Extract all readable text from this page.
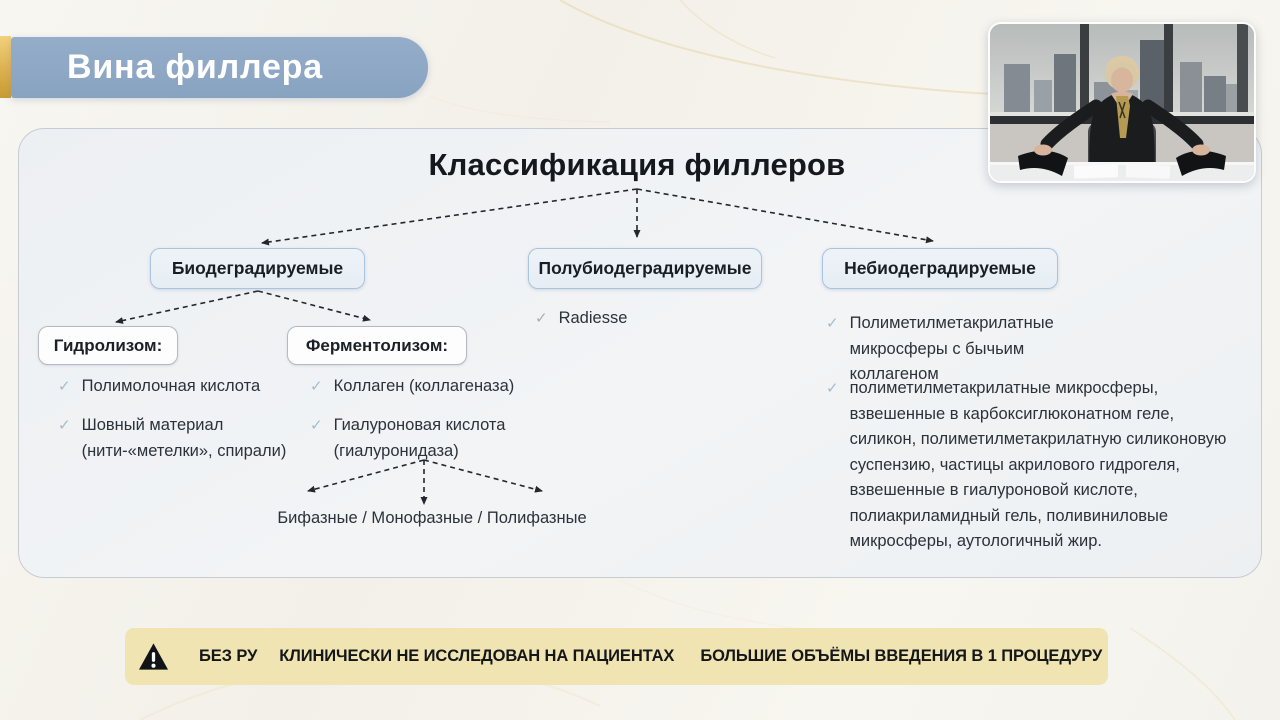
Вина филлера
Классификация филлеров
Биодеградируемые	Полубиодеградируемые	Небиодеградируемые
Гидролизом:	Ферментолизом:
✓ Полимолочная кислота
✓ Шовный материал (нити-«метелки», спирали)
✓ Коллаген (коллагеназа)
✓ Гиалуроновая кислота (гиалуронидаза)
Бифазные / Монофазные / Полифазные
✓ Radiesse	✓ Полиметилметакрилатные микросферы с бычьим коллагеном
✓ полиметилметакрилатные микросферы, взвешенные в карбоксиглюконатном геле, силикон, полиметилметакрилатную силиконовую суспензию, частицы акрилового гидрогеля, взвешенные в гиалуроновой кислоте, полиакриламидный гель, поливиниловые микросферы, аутологичный жир.
БЕЗ РУ КЛИНИЧЕСКИ НЕ ИССЛЕДОВАН НА ПАЦИЕНТАХ БОЛЬШИЕ ОБЪЁМЫ ВВЕДЕНИЯ В 1 ПРОЦЕДУРУ
